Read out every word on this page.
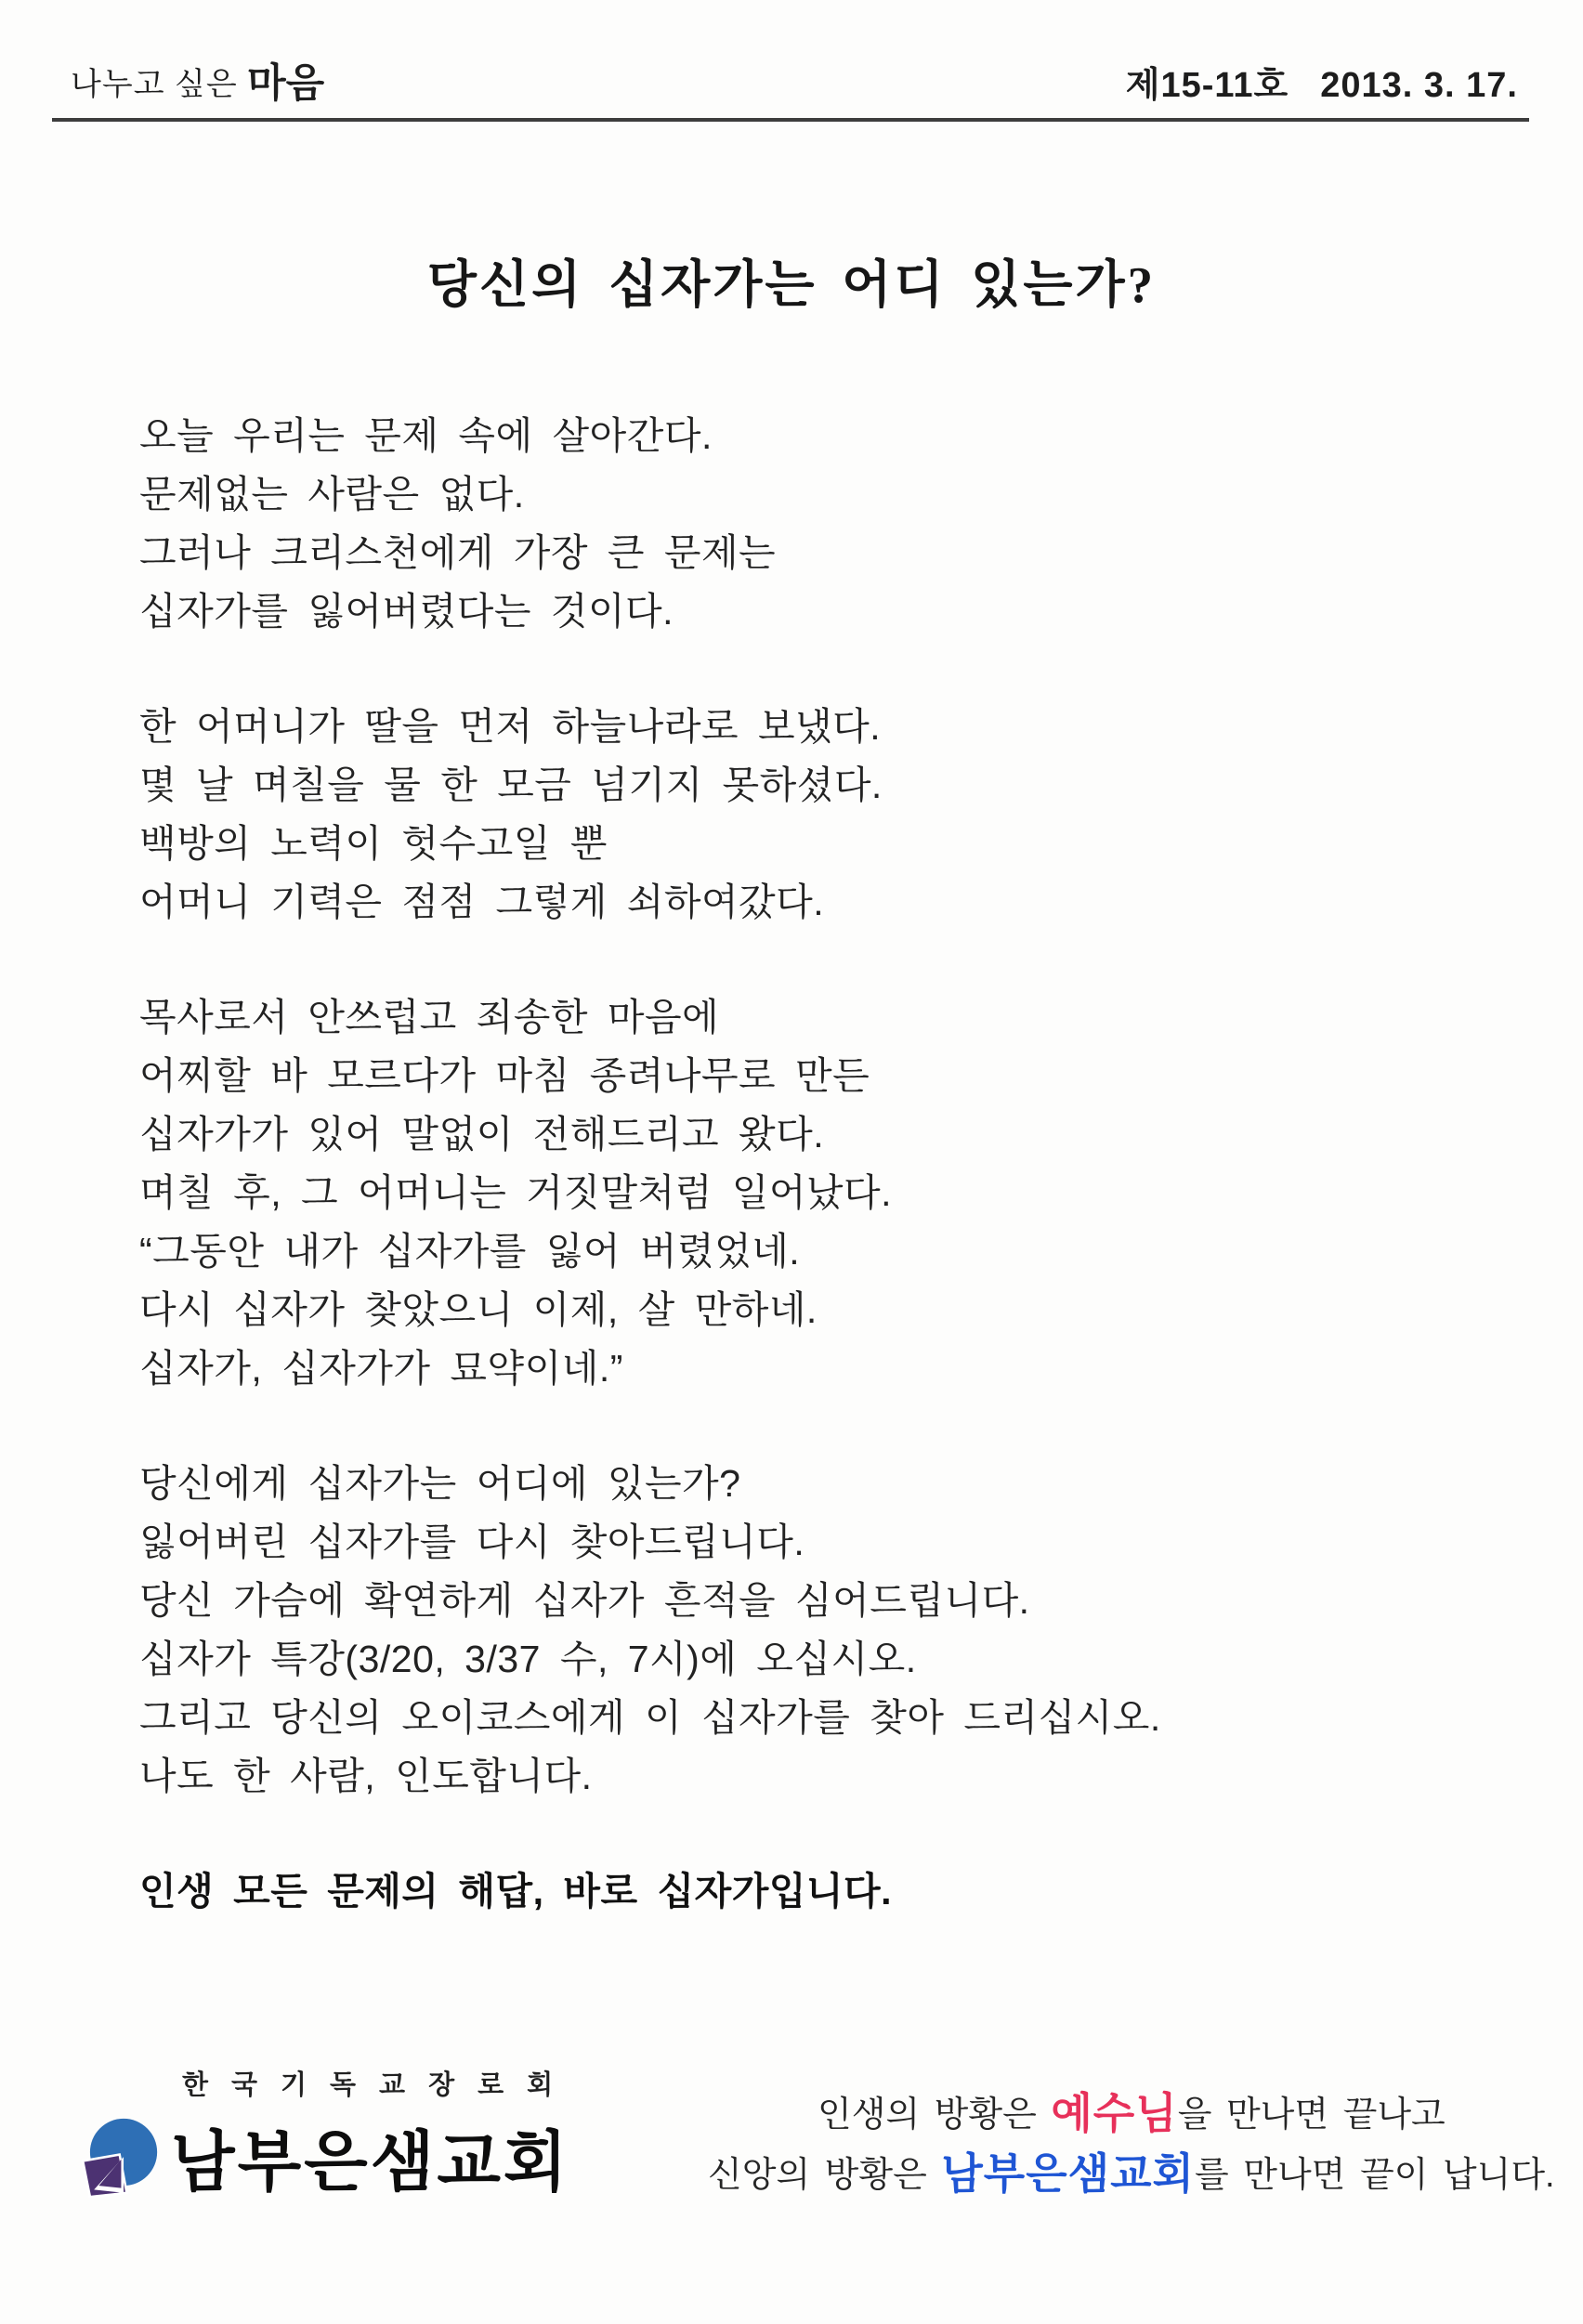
나누고 싶은 마음	제15-11호 2013. 3. 17.
당신의 십자가는 어디 있는가?
오늘 우리는 문제 속에 살아간다.
문제없는 사람은 없다.
그러나 크리스천에게 가장 큰 문제는
십자가를 잃어버렸다는 것이다.
한 어머니가 딸을 먼저 하늘나라로 보냈다.
몇 날 며칠을 물 한 모금 넘기지 못하셨다.
백방의 노력이 헛수고일 뿐
어머니 기력은 점점 그렇게 쇠하여갔다.
목사로서 안쓰럽고 죄송한 마음에
어찌할 바 모르다가 마침 종려나무로 만든
십자가가 있어 말없이 전해드리고 왔다.
며칠 후, 그 어머니는 거짓말처럼 일어났다.
“그동안 내가 십자가를 잃어 버렸었네.
다시 십자가 찾았으니 이제, 살 만하네.
십자가, 십자가가 묘약이네.”
당신에게 십자가는 어디에 있는가?
잃어버린 십자가를 다시 찾아드립니다.
당신 가슴에 확연하게 십자가 흔적을 심어드립니다.
십자가 특강(3/20, 3/37 수, 7시)에 오십시오.
그리고 당신의 오이코스에게 이 십자가를 찾아 드리십시오.
나도 한 사람, 인도합니다.
인생 모든 문제의 해답, 바로 십자가입니다.
한국기독교장로회
남부은샘교회
인생의 방황은 예수님을 만나면 끝나고
신앙의 방황은 남부은샘교회를 만나면 끝이 납니다.
